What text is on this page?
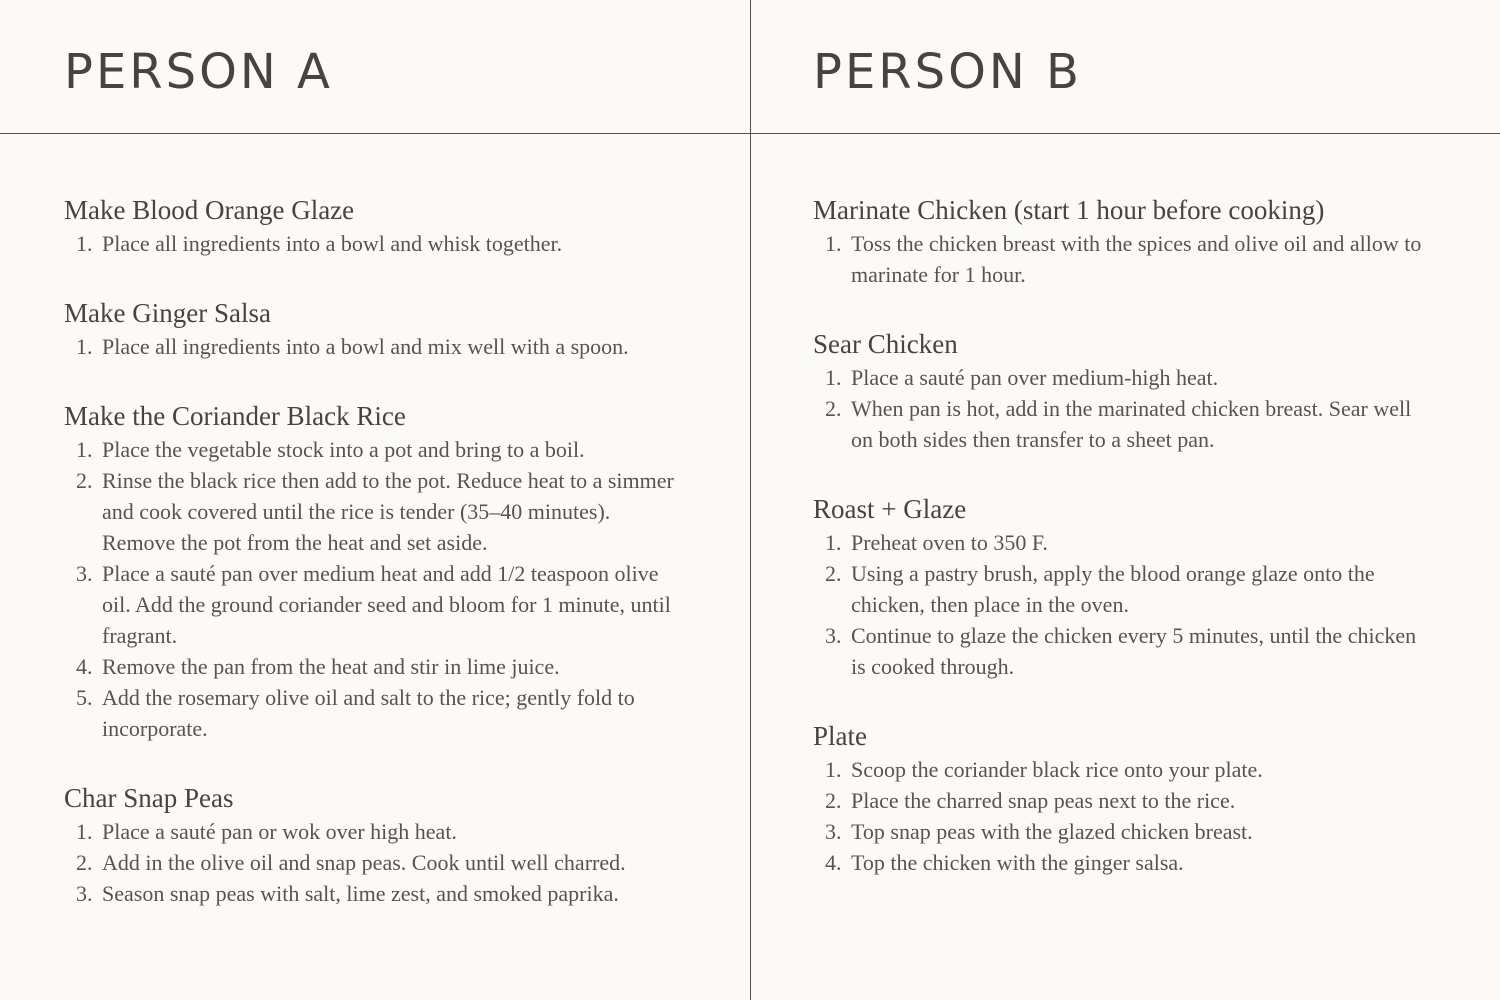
PERSON A
Make Blood Orange Glaze
1. Place all ingredients into a bowl and whisk together.
Make Ginger Salsa
1. Place all ingredients into a bowl and mix well with a spoon.
Make the Coriander Black Rice
1. Place the vegetable stock into a pot and bring to a boil.
2. Rinse the black rice then add to the pot. Reduce heat to a simmer and cook covered until the rice is tender (35–40 minutes). Remove the pot from the heat and set aside.
3. Place a sauté pan over medium heat and add 1/2 teaspoon olive oil. Add the ground coriander seed and bloom for 1 minute, until fragrant.
4. Remove the pan from the heat and stir in lime juice.
5. Add the rosemary olive oil and salt to the rice; gently fold to incorporate.
Char Snap Peas
1. Place a sauté pan or wok over high heat.
2. Add in the olive oil and snap peas. Cook until well charred.
3. Season snap peas with salt, lime zest, and smoked paprika.
PERSON B
Marinate Chicken (start 1 hour before cooking)
1. Toss the chicken breast with the spices and olive oil and allow to marinate for 1 hour.
Sear Chicken
1. Place a sauté pan over medium-high heat.
2. When pan is hot, add in the marinated chicken breast. Sear well on both sides then transfer to a sheet pan.
Roast + Glaze
1. Preheat oven to 350 F.
2. Using a pastry brush, apply the blood orange glaze onto the chicken, then place in the oven.
3. Continue to glaze the chicken every 5 minutes, until the chicken is cooked through.
Plate
1. Scoop the coriander black rice onto your plate.
2. Place the charred snap peas next to the rice.
3. Top snap peas with the glazed chicken breast.
4. Top the chicken with the ginger salsa.
